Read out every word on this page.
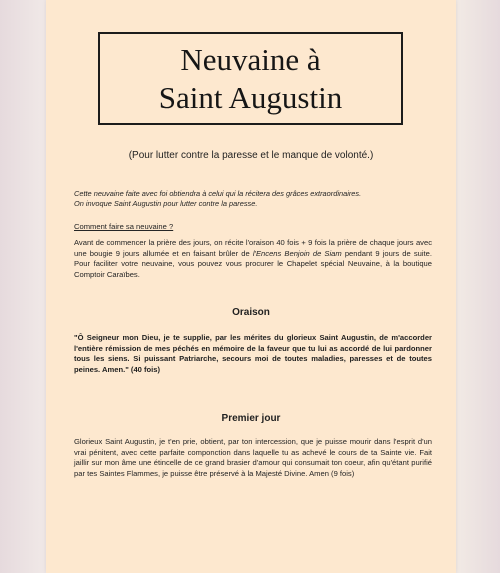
Neuvaine à
Saint Augustin
(Pour lutter contre la paresse et le manque de volonté.)

Cette neuvaine faite avec foi obtiendra à celui qui la récitera des grâces extraordinaires.
On invoque Saint Augustin pour lutter contre la paresse.

Comment faire sa neuvaine ?

Avant de commencer la prière des jours, on récite l'oraison 40 fois + 9 fois la prière de chaque jours avec une bougie 9 jours allumée et en faisant brûler de l'Encens Benjoin de Siam pendant 9 jours de suite. Pour faciliter votre neuvaine, vous pouvez vous procurer le Chapelet spécial Neuvaine, à la boutique Comptoir Caraïbes.

Oraison

"Ô Seigneur mon Dieu, je te supplie, par les mérites du glorieux Saint Augustin, de m'accorder l'entière rémission de mes péchés en mémoire de la faveur que tu lui as accordé de lui pardonner tous les siens. Si puissant Patriarche, secours moi de toutes maladies, paresses et de toutes peines. Amen." (40 fois)

Premier jour

Glorieux Saint Augustin, je t'en prie, obtient, par ton intercession, que je puisse mourir dans l'esprit d'un vrai pénitent, avec cette parfaite componction dans laquelle tu as achevé le cours de ta Sainte vie. Fait jaillir sur mon âme une étincelle de ce grand brasier d'amour qui consumait ton coeur, afin qu'étant purifié par tes Saintes Flammes, je puisse être préservé à la Majesté Divine. Amen (9 fois)
